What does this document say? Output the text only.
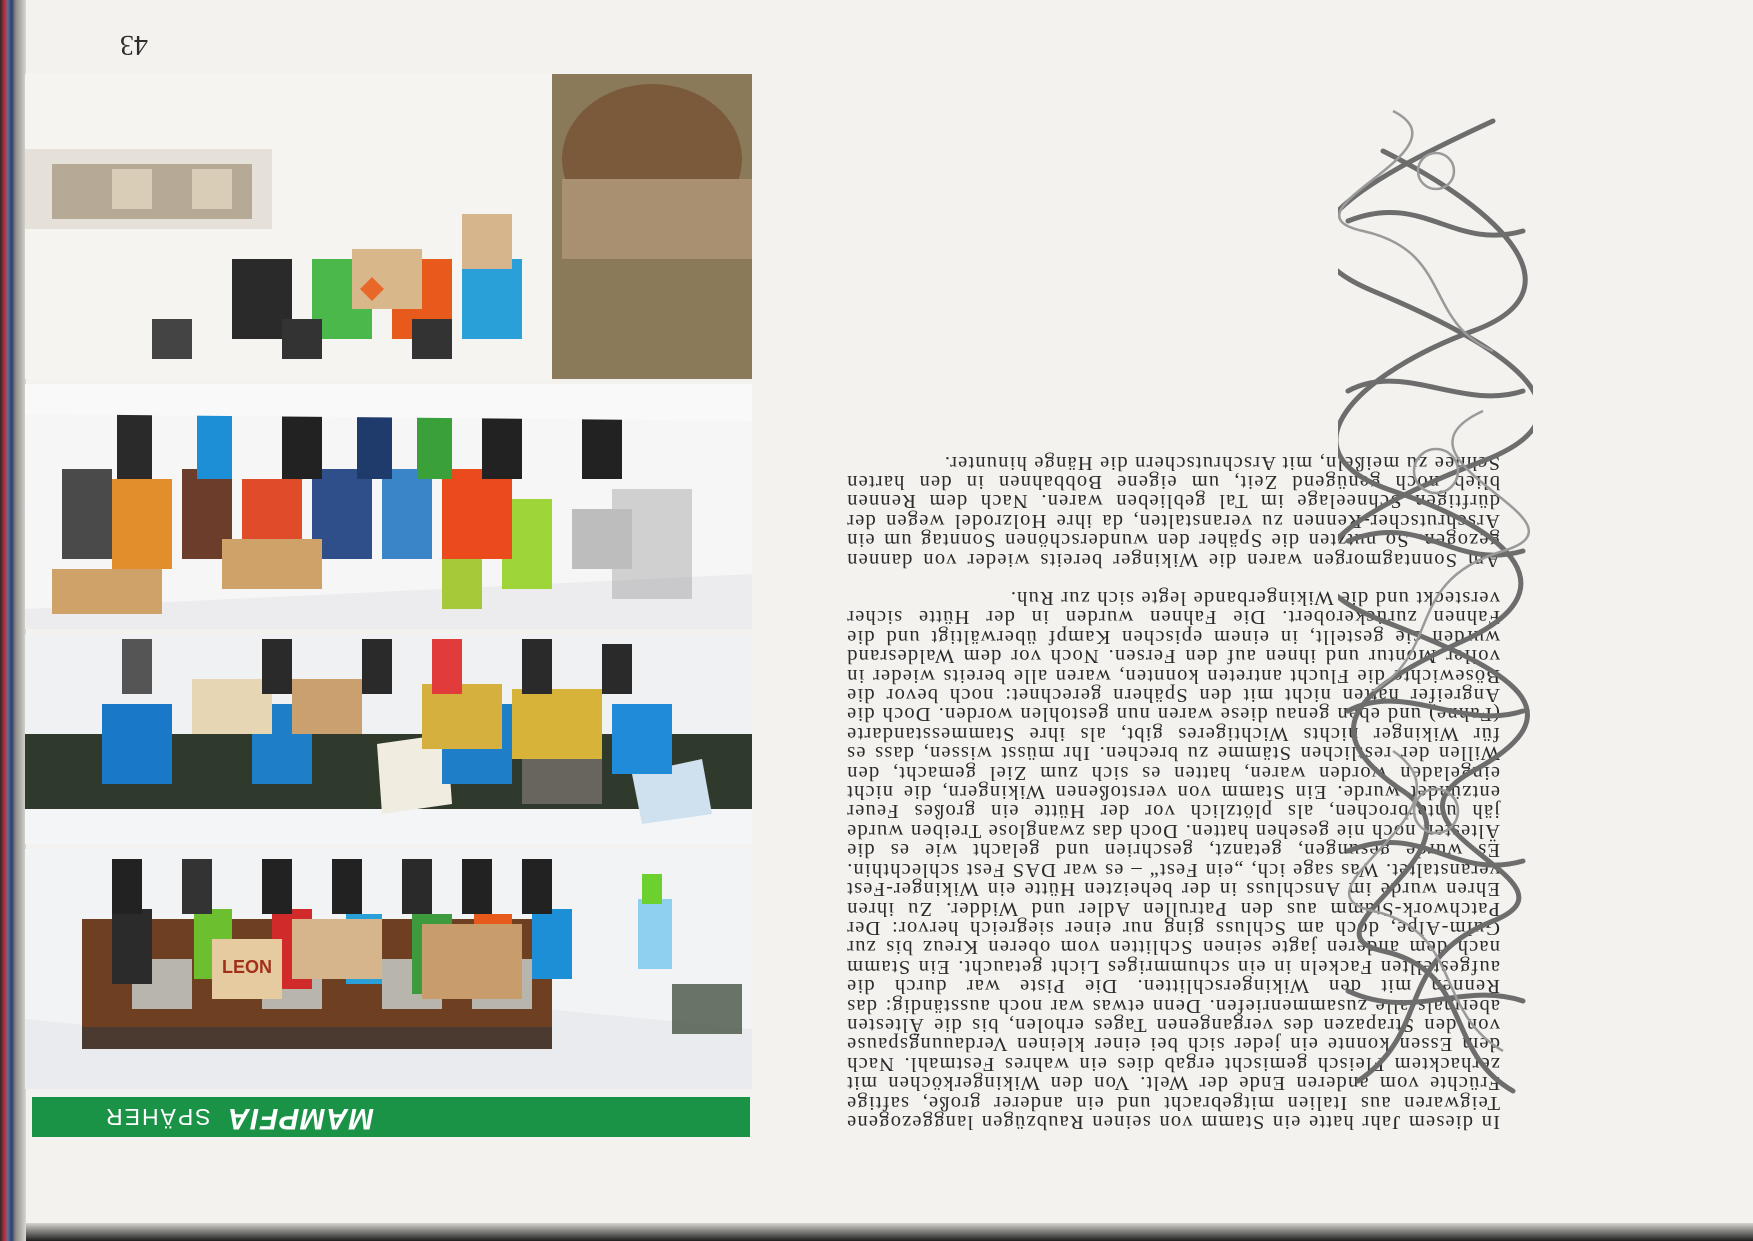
SPÄHER MAMPFIA	In diesem Jahr hatte ein Stamm von seinen Raubzügen langgezogene Teigwaren aus Italien mitgebracht und ein anderer große, saftige Früchte vom anderen Ende der Welt. Von den Wikingerköchen mit zerhacktem Fleisch gemischt ergab dies ein wahres Festmahl. Nach dem Essen konnte ein jeder sich bei einer kleinen Verdauungspause von den Strapazen des vergangenen Tages erholen, bis die Ältesten abermals alle zusammenriefen. Denn etwas war noch ausständig: das Rennen mit den Wikingerschlitten. Die Piste war durch die aufgestellten Fackeln in ein schummriges Licht getaucht. Ein Stamm nach dem anderen jagte seinen Schlitten vom oberen Kreuz bis zur Gulm-Alpe, doch am Schluss ging nur einer siegreich hervor: Der Patchwork-Stamm aus den Patrullen Adler und Widder. Zu ihren Ehren wurde im Anschluss in der beheizten Hütte ein Wikinger-Fest veranstaltet. Was sage ich, „ein Fest“ – es war DAS Fest schlechthin. Es wurde gesungen, getanzt, geschrien und gelacht wie es die Ältesten noch nie gesehen hatten. Doch das zwanglose Treiben wurde jäh unterbrochen, als plötzlich vor der Hütte ein großes Feuer entzündet wurde. Ein Stamm von verstoßenen Wikingern, die nicht eingeladen worden waren, hatten es sich zum Ziel gemacht, den Willen der restlichen Stämme zu brechen. Ihr müsst wissen, dass es für Wikinger nichts Wichtigeres gibt, als ihre Stammesstandarte (Fahne) und eben genau diese waren nun gestohlen worden. Doch die Angreifer hatten nicht mit den Spähern gerechnet: noch bevor die Bösewichte die Flucht antreten konnten, waren alle bereits wieder in voller Montur und ihnen auf den Fersen. Noch vor dem Waldesrand wurden sie gestellt, in einem epischen Kampf überwältigt und die Fahnen zurückerobert. Die Fahnen wurden in der Hütte sicher versteckt und die Wikingerbande legte sich zur Ruh.

Am Sonntagmorgen waren die Wikinger bereits wieder von dannen gezogen. So nutzten die Späher den wunderschönen Sonntag um ein Arschrutscher-Rennen zu veranstalten, da ihre Holzrodel wegen der dürftigen Schneelage im Tal geblieben waren. Nach dem Rennen blieb noch genügend Zeit, um eigene Bobbahnen in den harten Schnee zu meißeln, mit Arschrutschern die Hänge hinunter.

LEON
43
